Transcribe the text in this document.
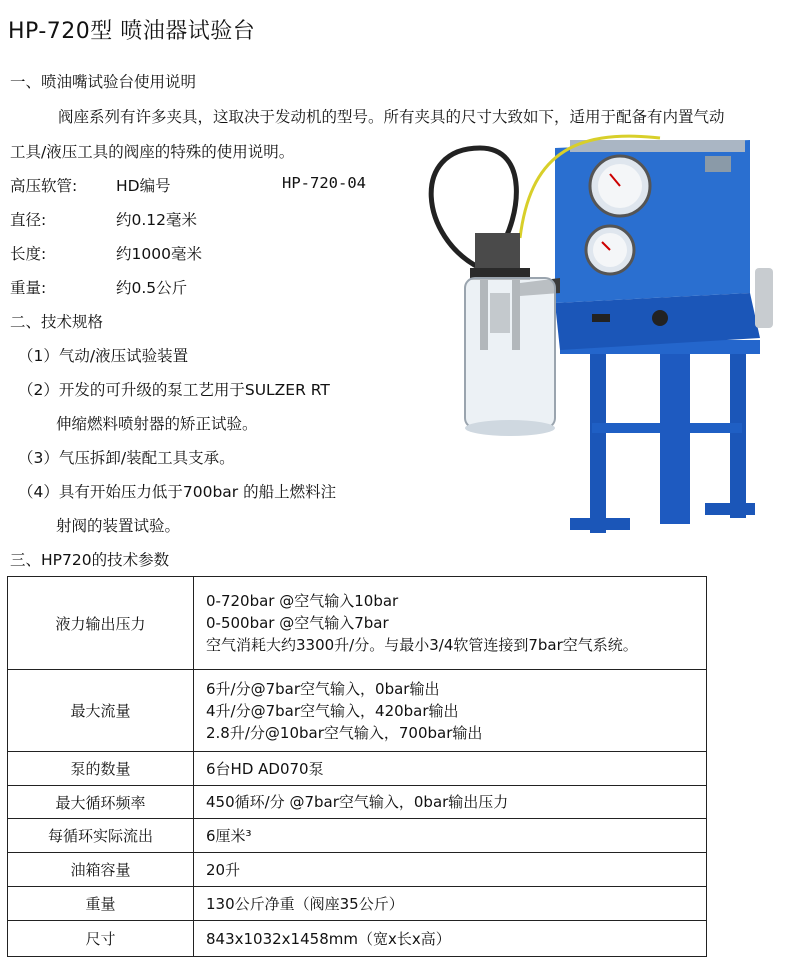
HP-720型 喷油器试验台
一、喷油嘴试验台使用说明
阀座系列有许多夹具，这取决于发动机的型号。所有夹具的尺寸大致如下，适用于配备有内置气动
工具/液压工具的阀座的特殊的使用说明。
高压软管:	HD编号	HP-720-04
直径:	约0.12毫米
长度:	约1000毫米
重量:	约0.5公斤
二、技术规格
（1）气动/液压试验装置
（2）开发的可升级的泵工艺用于SULZER RT
伸缩燃料喷射器的矫正试验。
（3）气压拆卸/装配工具支承。
（4）具有开始压力低于700bar 的船上燃料注
射阀的装置试验。
三、HP720的技术参数
液力输出压力	0-720bar @空气输入10bar
0-500bar @空气输入7bar
空气消耗大约3300升/分。与最小3/4软管连接到7bar空气系统。

最大流量	6升/分@7bar空气输入，0bar输出
4升/分@7bar空气输入，420bar输出
2.8升/分@10bar空气输入，700bar输出

泵的数量	6台HD AD070泵
最大循环频率	450循环/分 @7bar空气输入，0bar输出压力
每循环实际流出	6厘米³
油箱容量	20升
重量	130公斤净重（阀座35公斤）
尺寸	843x1032x1458mm（宽x长x高）
